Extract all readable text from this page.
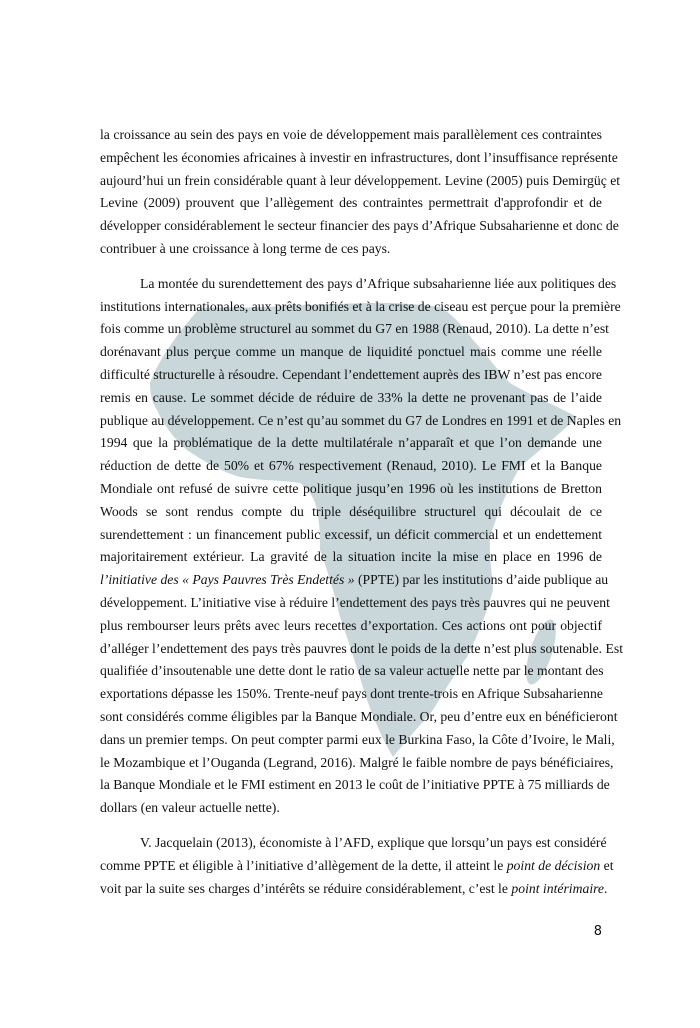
la croissance au sein des pays en voie de développement mais parallèlement ces contraintes
empêchent les économies africaines à investir en infrastructures, dont l’insuffisance représente
aujourd’hui un frein considérable quant à leur développement. Levine (2005) puis Demirgüç et
Levine (2009) prouvent que l’allègement des contraintes permettrait d'approfondir et de
développer considérablement le secteur financier des pays d’Afrique Subsaharienne et donc de
contribuer à une croissance à long terme de ces pays.
La montée du surendettement des pays d’Afrique subsaharienne liée aux politiques des
institutions internationales, aux prêts bonifiés et à la crise de ciseau est perçue pour la première
fois comme un problème structurel au sommet du G7 en 1988 (Renaud, 2010). La dette n’est
dorénavant plus perçue comme un manque de liquidité ponctuel mais comme une réelle
difficulté structurelle à résoudre. Cependant l’endettement auprès des IBW n’est pas encore
remis en cause. Le sommet décide de réduire de 33% la dette ne provenant pas de l’aide
publique au développement. Ce n’est qu’au sommet du G7 de Londres en 1991 et de Naples en
1994 que la problématique de la dette multilatérale n’apparaît et que l’on demande une
réduction de dette de 50% et 67% respectivement (Renaud, 2010). Le FMI et la Banque
Mondiale ont refusé de suivre cette politique jusqu’en 1996 où les institutions de Bretton
Woods se sont rendus compte du triple déséquilibre structurel qui découlait de ce
surendettement : un financement public excessif, un déficit commercial et un endettement
majoritairement extérieur. La gravité de la situation incite la mise en place en 1996 de
l’initiative des « Pays Pauvres Très Endettés » (PPTE) par les institutions d’aide publique au
développement. L’initiative vise à réduire l’endettement des pays très pauvres qui ne peuvent
plus rembourser leurs prêts avec leurs recettes d’exportation. Ces actions ont pour objectif
d’alléger l’endettement des pays très pauvres dont le poids de la dette n’est plus soutenable. Est
qualifiée d’insoutenable une dette dont le ratio de sa valeur actuelle nette par le montant des
exportations dépasse les 150%. Trente-neuf pays dont trente-trois en Afrique Subsaharienne
sont considérés comme éligibles par la Banque Mondiale. Or, peu d’entre eux en bénéficieront
dans un premier temps. On peut compter parmi eux le Burkina Faso, la Côte d’Ivoire, le Mali,
le Mozambique et l’Ouganda (Legrand, 2016). Malgré le faible nombre de pays bénéficiaires,
la Banque Mondiale et le FMI estiment en 2013 le coût de l’initiative PPTE à 75 milliards de
dollars (en valeur actuelle nette).
V. Jacquelain (2013), économiste à l’AFD, explique que lorsqu’un pays est considéré
comme PPTE et éligible à l’initiative d’allègement de la dette, il atteint le point de décision et
voit par la suite ses charges d’intérêts se réduire considérablement, c’est le point intérimaire.
8
